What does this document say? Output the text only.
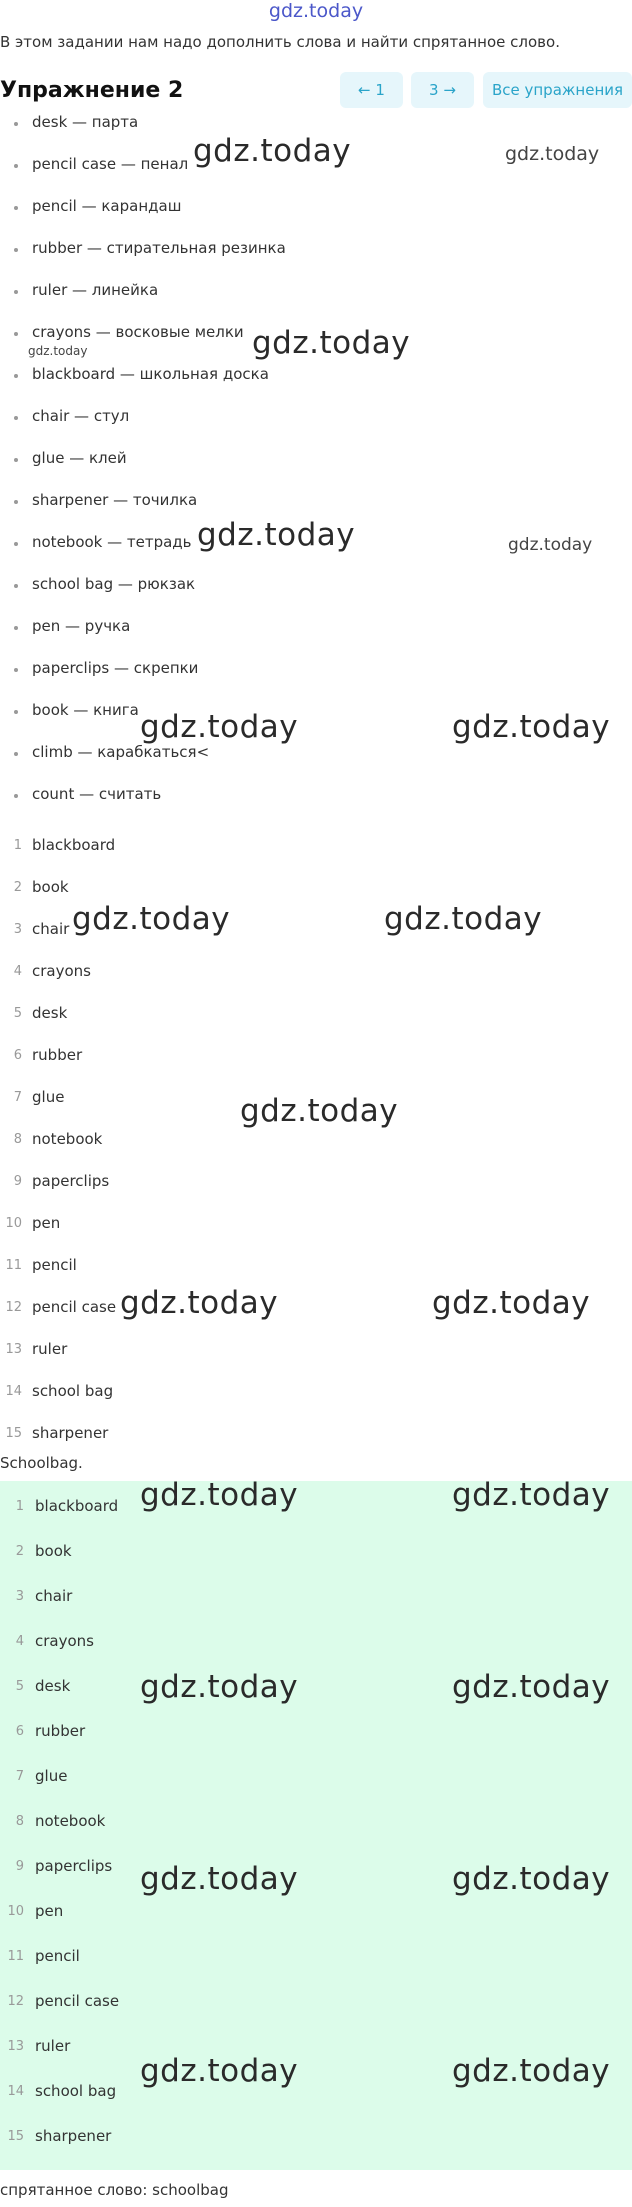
gdz.today
В этом задании нам надо дополнить слова и найти спрятанное слово.
Упражнение 2	← 1	3 →	Все упражнения
desk — парта
pencil case — пенал
pencil — карандаш
rubber — стирательная резинка
ruler — линейка
crayons — восковые мелки
blackboard — школьная доска
chair — стул
glue — клей
sharpener — точилка
notebook — тетрадь
school bag — рюкзак
pen — ручка
paperclips — скрепки
book — книга
climb — карабкаться<
count — считать
1 blackboard
2 book
3 chair
4 crayons
5 desk
6 rubber
7 glue
8 notebook
9 paperclips
10 pen
11 pencil
12 pencil case
13 ruler
14 school bag
15 sharpener
Schoolbag.
1 blackboard
2 book
3 chair
4 crayons
5 desk
6 rubber
7 glue
8 notebook
9 paperclips
10 pen
11 pencil
12 pencil case
13 ruler
14 school bag
15 sharpener
спрятанное слово: schoolbag
gdz.today	gdz.today
gdz.today
gdz.today
gdz.today	gdz.today
gdz.today	gdz.today
gdz.today	gdz.today
gdz.today
gdz.today	gdz.today
gdz.today	gdz.today
gdz.today	gdz.today
gdz.today	gdz.today
gdz.today	gdz.today
